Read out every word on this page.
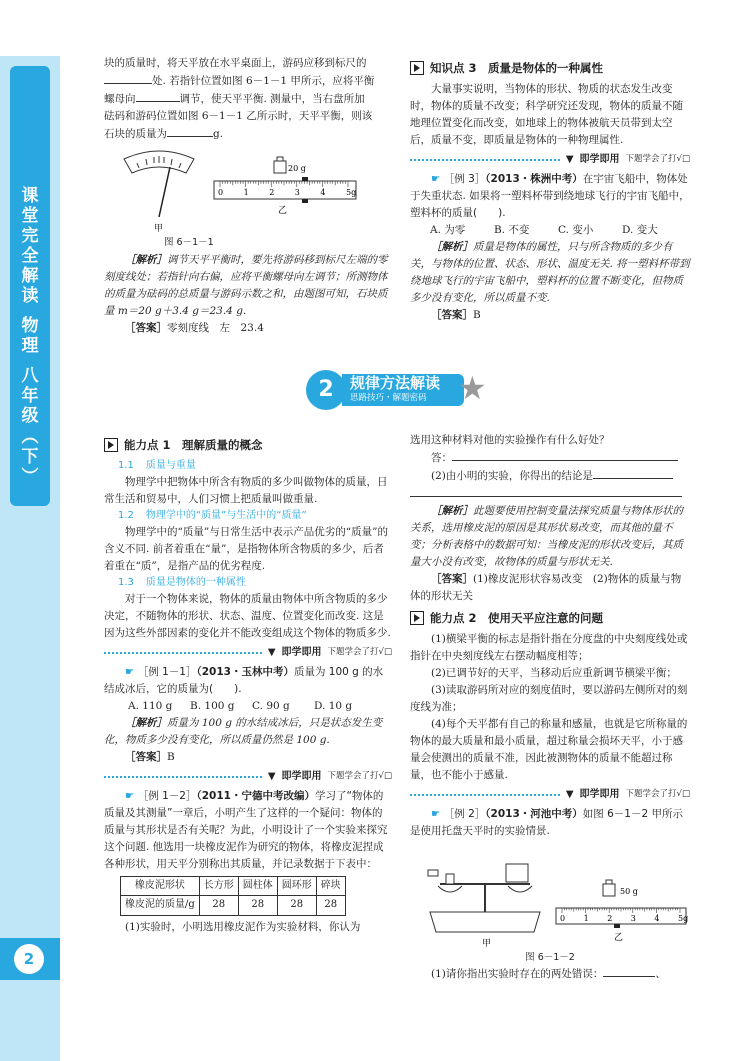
课
堂
完
全
解
读
物
理
八
年
级
︵
下
︶
2

块的质量时，将天平放在水平桌面上，游码应移到标尺的

处. 若指针位置如图 6－1－1 甲所示，应将平衡

螺母向	调节，使天平平衡. 测量中，当右盘所加

砝码和游码位置如图 6－1－1 乙所示时，天平平衡，则该

石块的质量为	g.

甲
20 g
0	1	2	3	4	5g
乙

图 6－1－1

［解析］调节天平平衡时，要先将游码移到标尺左端的零刻度线处；若指针向右偏，应将平衡螺母向左调节；所测物体的质量为砝码的总质量与游码示数之和，由题图可知，石块质量 m＝20 g＋3.4 g＝23.4 g.

［答案］零刻度线　左　23.4

知识点 3　质量是物体的一种属性

大量事实说明，当物体的形状、物质的状态发生改变时，物体的质量不改变；科学研究还发现，物体的质量不随地理位置变化而改变，如地球上的物体被航天员带到太空后，质量不变，即质量是物体的一种物理属性.

▼ 即学即用 下题学会了打√□

☛ ［例 3］（2013・株洲中考）在宇宙飞船中，物体处于失重状态. 如果将一塑料杯带到绕地球飞行的宇宙飞船中，塑料杯的质量(　　).

A. 为零	B. 不变	C. 变小	D. 变大

［解析］质量是物体的属性，只与所含物质的多少有关，与物体的位置、状态、形状、温度无关. 将一塑料杯带到绕地球飞行的宇宙飞船中，塑料杯的位置不断变化，但物质多少没有变化，所以质量不变.

［答案］B

2	规律方法解读
思路技巧・解题密码 ★
能力点 1　理解质量的概念
1.1 质量与重量

物理学中把物体中所含有物质的多少叫做物体的质量，日常生活和贸易中，人们习惯上把质量叫做重量.

1.2 物理学中的“质量”与生活中的“质量”

物理学中的“质量”与日常生活中表示产品优劣的“质量”的含义不同. 前者着重在“量”，是指物体所含物质的多少，后者着重在“质”，是指产品的优劣程度.

1.3 质量是物体的一种属性

对于一个物体来说，物体的质量由物体中所含物质的多少决定，不随物体的形状、状态、温度、位置变化而改变. 这是因为这些外部因素的变化并不能改变组成这个物体的物质多少.

▼ 即学即用 下题学会了打√□

☛ ［例 1－1］（2013・玉林中考）质量为 100 g 的水结成冰后，它的质量为(　　).

A. 110 g	B. 100 g	C. 90 g	D. 10 g

［解析］质量为 100 g 的水结成冰后，只是状态发生变化，物质多少没有变化，所以质量仍然是 100 g.

［答案］B

▼ 即学即用 下题学会了打√□

☛ ［例 1－2］（2011・宁德中考改编）学习了“物体的质量及其测量”一章后，小明产生了这样的一个疑问：物体的质量与其形状是否有关呢？为此，小明设计了一个实验来探究这个问题. 他选用一块橡皮泥作为研究的物体，将橡皮泥捏成各种形状，用天平分别称出其质量，并记录数据于下表中：

橡皮泥形状	长方形	圆柱体	圆环形	碎块
橡皮泥的质量/g	28	28	28	28

(1)实验时，小明选用橡皮泥作为实验材料，你认为

选用这种材料对他的实验操作有什么好处？

答：

(2)由小明的实验，你得出的结论是

［解析］此题要使用控制变量法探究质量与物体形状的关系，选用橡皮泥的原因是其形状易改变，而其他的量不变；分析表格中的数据可知：当橡皮泥的形状改变后，其质量大小没有改变，故物体的质量与形状无关.

［答案］(1)橡皮泥形状容易改变　(2)物体的质量与物体的形状无关

能力点 2　使用天平应注意的问题

(1)横梁平衡的标志是指针指在分度盘的中央刻度线处或指针在中央刻度线左右摆动幅度相等；

(2)已调节好的天平，当移动后应重新调节横梁平衡；

(3)读取游码所对应的刻度值时，要以游码左侧所对的刻度线为准；

(4)每个天平都有自己的称量和感量，也就是它所称量的物体的最大质量和最小质量，超过称量会损坏天平，小于感量会使测出的质量不准，因此被测物体的质量不能超过称量，也不能小于感量.

▼ 即学即用 下题学会了打√□

☛ ［例 2］（2013・河池中考）如图 6－1－2 甲所示是使用托盘天平时的实验情景.

甲
50 g
0 1 2 3 4 5g
乙

图 6－1－2

(1)请你指出实验时存在的两处错误：	、
